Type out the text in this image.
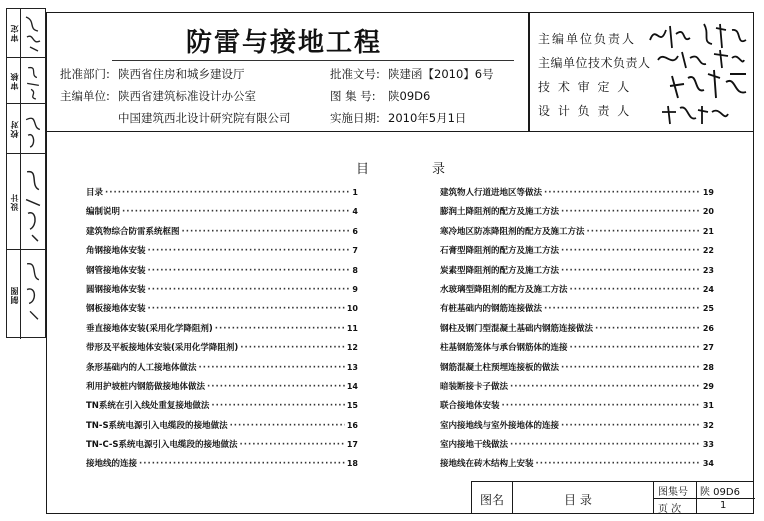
审定
审核
校对
设计
制图
防雷与接地工程
批准部门: 陕西省住房和城乡建设厅
主编单位: 陕西省建筑标准设计办公室
中国建筑西北设计研究院有限公司
批准文号: 陕建函【2010】6号
图 集 号: 陕09D6
实施日期: 2010年5月1日
主编单位负责人
主编单位技术负责人
技 术 审 定 人
设 计 负 责 人
目	录
目录 ·····	1
编制说明 ·····	4
建筑物综合防雷系统框图 ·····	6
角钢接地体安装 ·····	7
钢管接地体安装 ·····	8
圆钢接地体安装 ·····	9
钢板接地体安装 ·····	10
垂直接地体安装(采用化学降阻剂) ·····	11
带形及平板接地体安装(采用化学降阻剂) ·····	12
条形基础内的人工接地体做法 ·····	13
利用护坡桩内钢筋做接地体做法 ·····	14
TN系统在引入线处重复接地做法 ·····	15
TN-S系统电源引入电缆段的接地做法 ·····	16
TN-C-S系统电源引入电缆段的接地做法 ·····	17
接地线的连接 ·····	18
建筑物人行道进地区等做法 ·····	19
膨润土降阻剂的配方及施工方法 ·····	20
寒冷地区防冻降阻剂的配方及施工方法 ·····	21
石膏型降阻剂的配方及施工方法 ·····	22
炭素型降阻剂的配方及施工方法 ·····	23
水玻璃型降阻剂的配方及施工方法 ·····	24
有桩基础内的钢筋连接做法 ·····	25
钢柱及钢门型混凝土基础内钢筋连接做法 ·····	26
柱基钢筋笼体与承台钢筋体的连接 ·····	27
钢筋混凝土柱预埋连接板的做法 ·····	28
暗装断接卡子做法 ·····	29
联合接地体安装 ·····	31
室内接地线与室外接地体的连接 ·····	32
室内接地干线做法 ·····	33
接地线在砖木结构上安装 ·····	34
图名	目 录
图集号 陕 09D6
页 次	1
